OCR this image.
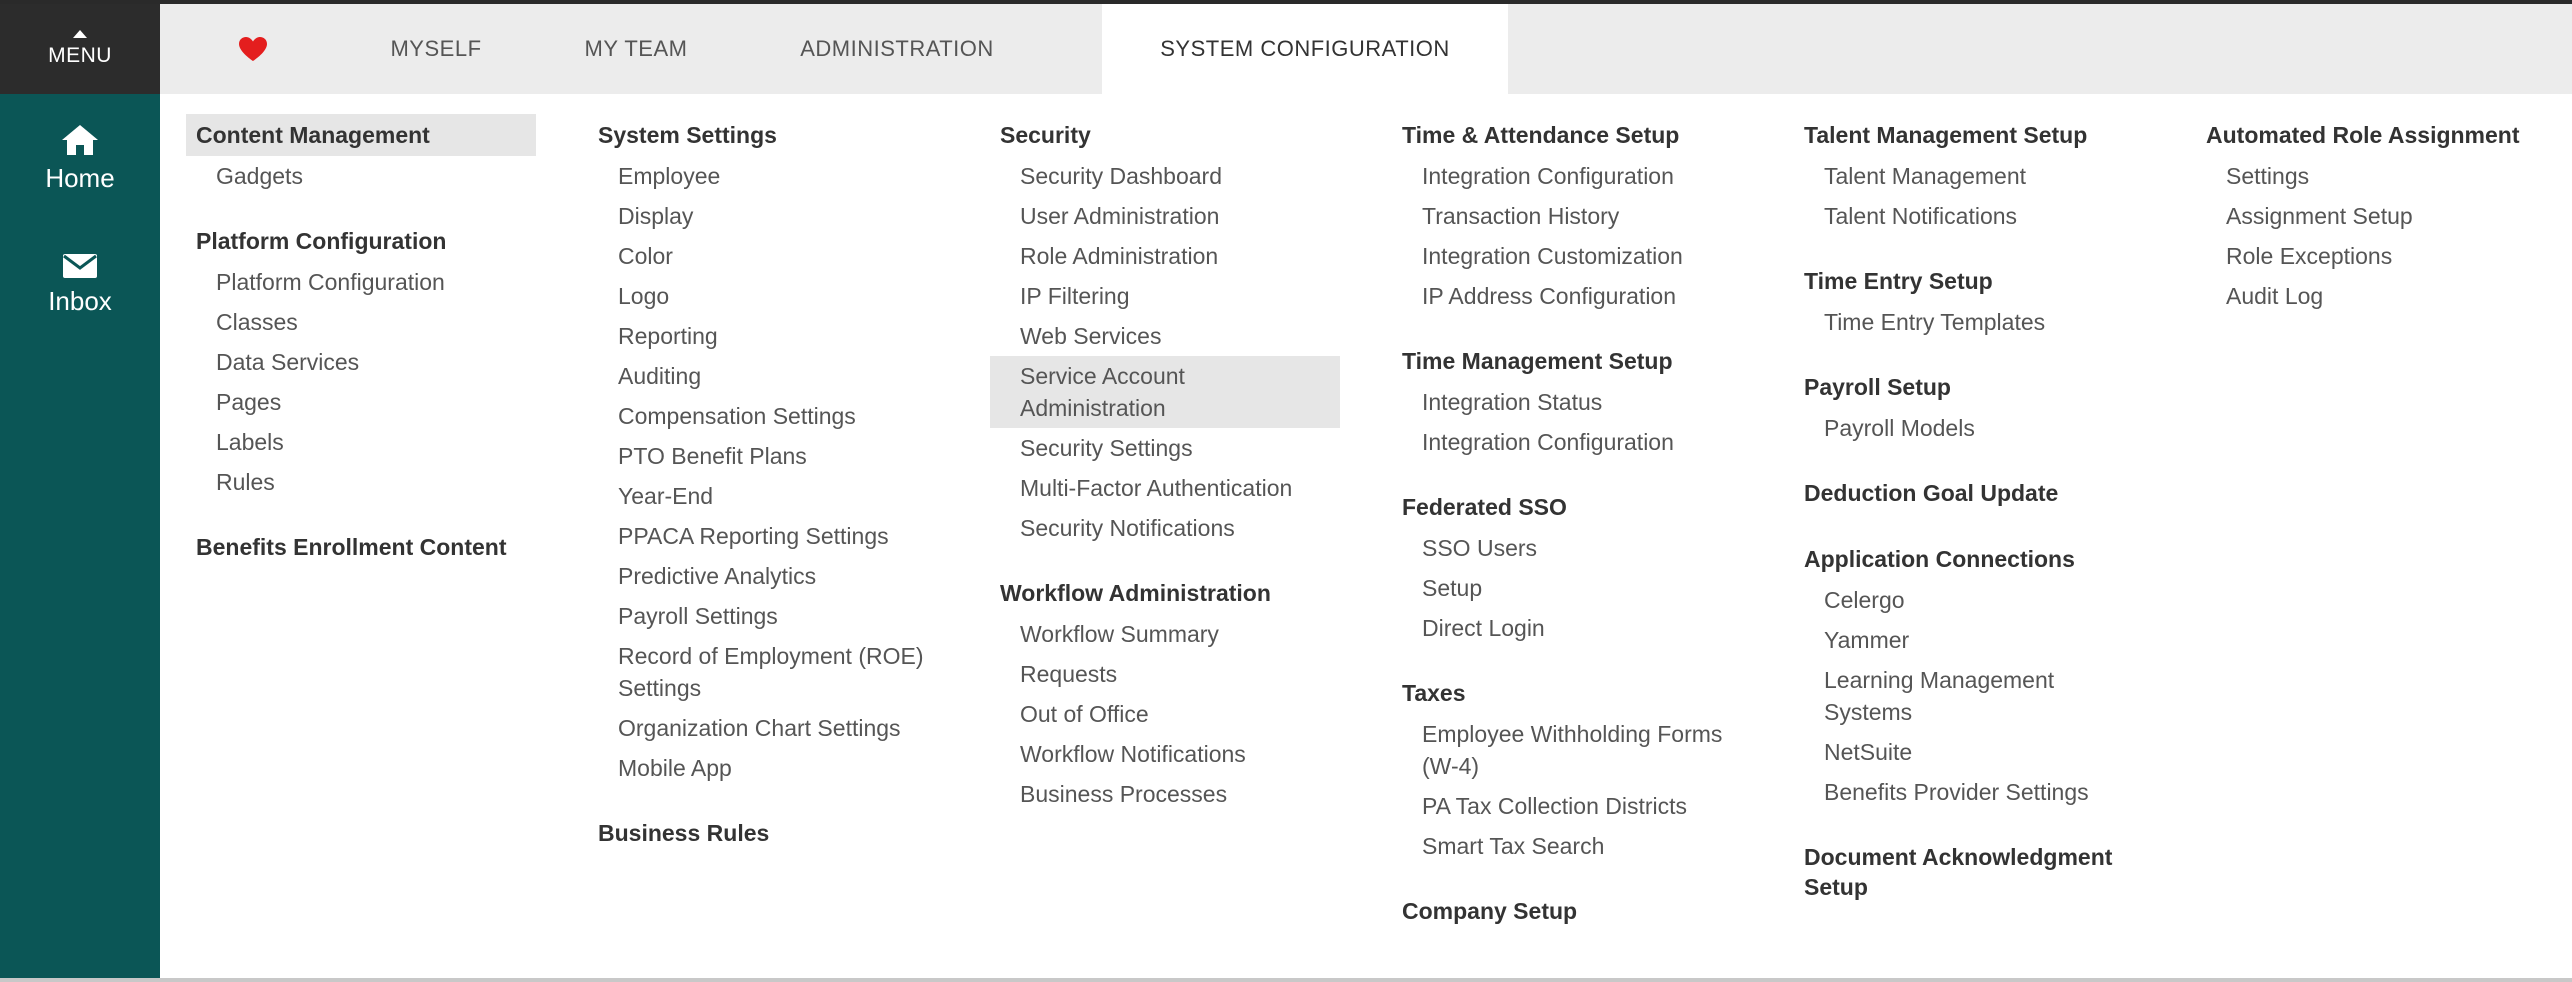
MENU
Home
Inbox
MYSELF	MY TEAM	ADMINISTRATION	SYSTEM CONFIGURATION
Content Management
Gadgets
Platform Configuration
Platform Configuration
Classes
Data Services
Pages
Labels
Rules
Benefits Enrollment Content
System Settings
Employee
Display
Color
Logo
Reporting
Auditing
Compensation Settings
PTO Benefit Plans
Year-End
PPACA Reporting Settings
Predictive Analytics
Payroll Settings
Record of Employment (ROE) Settings
Organization Chart Settings
Mobile App
Business Rules
Security
Security Dashboard
User Administration
Role Administration
IP Filtering
Web Services
Service Account Administration
Security Settings
Multi-Factor Authentication
Security Notifications
Workflow Administration
Workflow Summary
Requests
Out of Office
Workflow Notifications
Business Processes
Time & Attendance Setup
Integration Configuration
Transaction History
Integration Customization
IP Address Configuration
Time Management Setup
Integration Status
Integration Configuration
Federated SSO
SSO Users
Setup
Direct Login
Taxes
Employee Withholding Forms (W-4)
PA Tax Collection Districts
Smart Tax Search
Company Setup
Talent Management Setup
Talent Management
Talent Notifications
Time Entry Setup
Time Entry Templates
Payroll Setup
Payroll Models
Deduction Goal Update
Application Connections
Celergo
Yammer
Learning Management Systems
NetSuite
Benefits Provider Settings
Document Acknowledgment Setup
Automated Role Assignment
Settings
Assignment Setup
Role Exceptions
Audit Log
